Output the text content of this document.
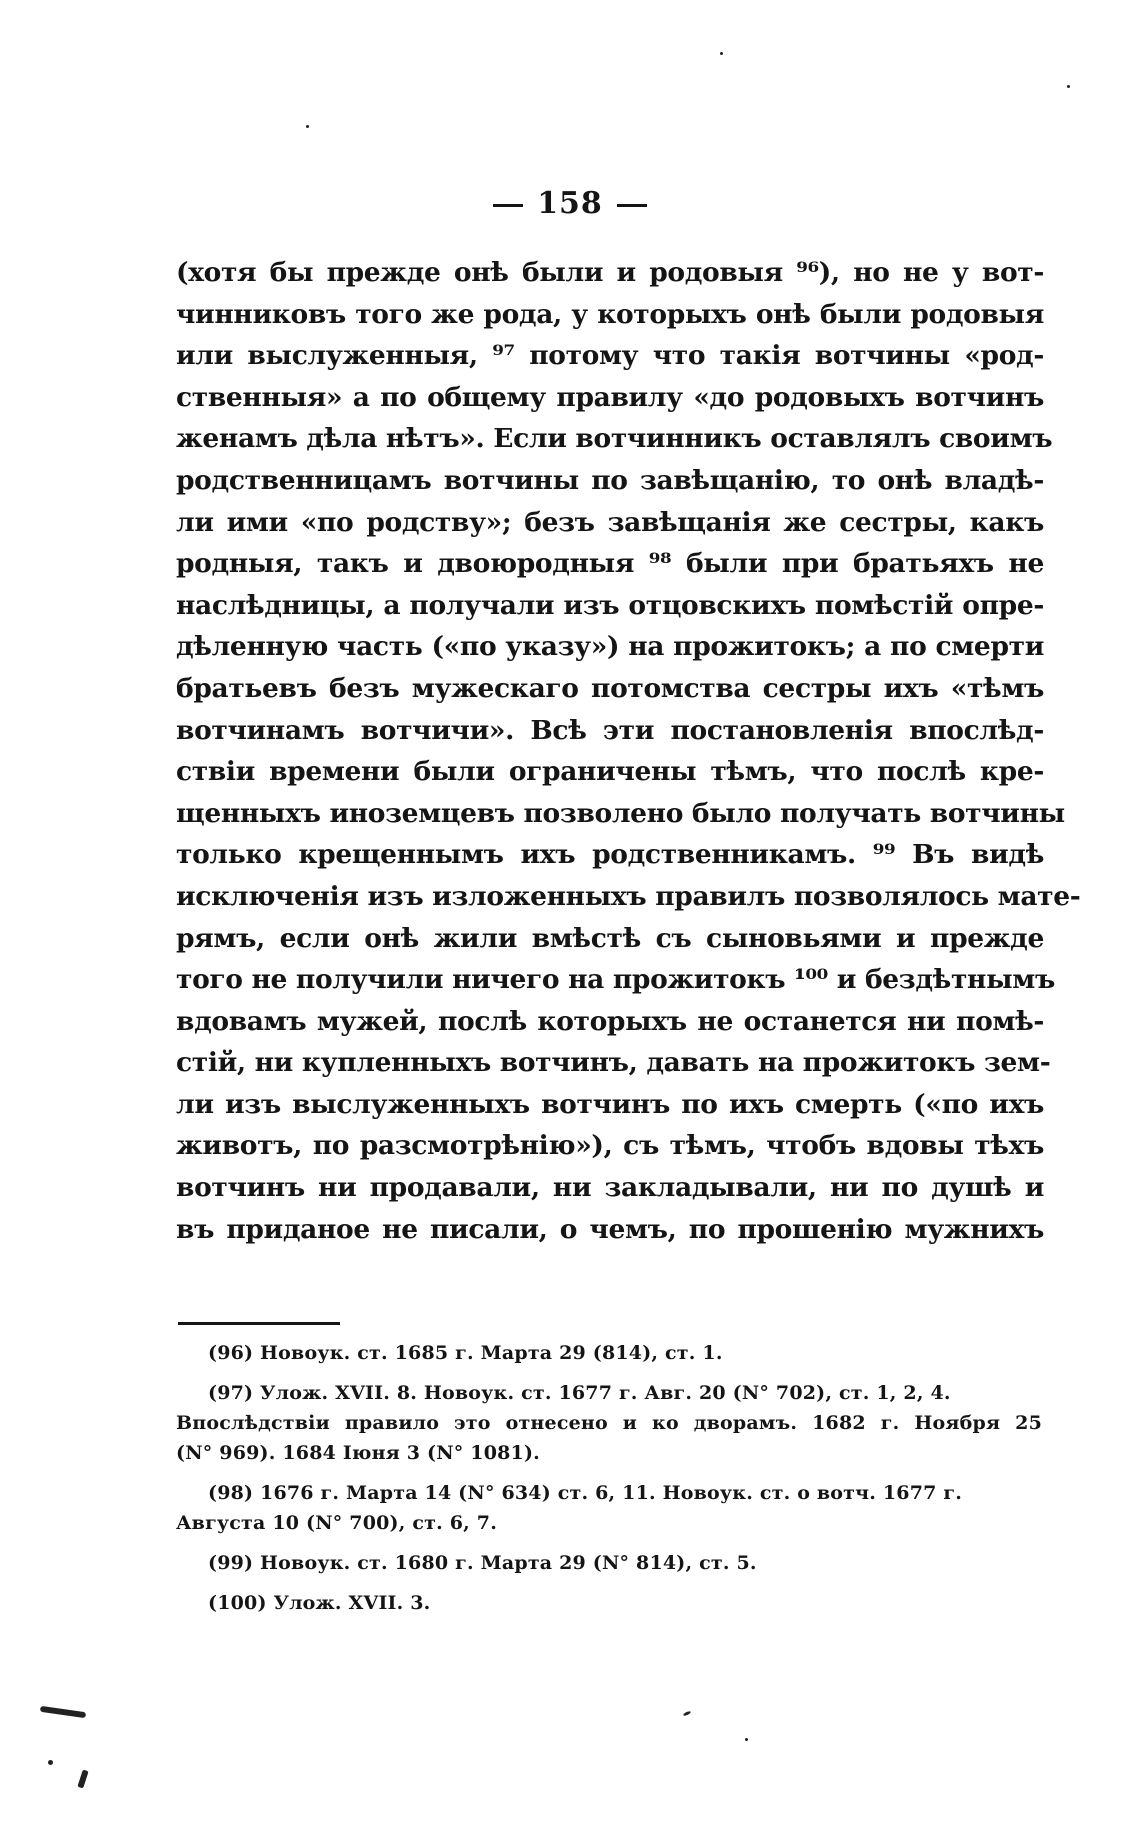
158
(хотя бы прежде онѣ были и родовыя ⁹⁶), но не у вот-
чинниковъ того же рода, у которыхъ онѣ были родовыя
или выслуженныя, ⁹⁷ потому что такія вотчины «род-
ственныя» а по общему правилу «до родовыхъ вотчинъ
женамъ дѣла нѣтъ». Если вотчинникъ оставлялъ своимъ
родственницамъ вотчины по завѣщанію, то онѣ владѣ-
ли ими «по родству»; безъ завѣщанія же сестры, какъ
родныя, такъ и двоюродныя ⁹⁸ были при братьяхъ не
наслѣдницы, а получали изъ отцовскихъ помѣстій опре-
дѣленную часть («по указу») на прожитокъ; а по смерти
братьевъ безъ мужескаго потомства сестры ихъ «тѣмъ
вотчинамъ вотчичи». Всѣ эти постановленія впослѣд-
ствіи времени были ограничены тѣмъ, что послѣ кре-
щенныхъ иноземцевъ позволено было получать вотчины
только крещеннымъ ихъ родственникамъ. ⁹⁹ Въ видѣ
исключенія изъ изложенныхъ правилъ позволялось мате-
рямъ, если онѣ жили вмѣстѣ съ сыновьями и прежде
того не получили ничего на прожитокъ ¹⁰⁰ и бездѣтнымъ
вдовамъ мужей, послѣ которыхъ не останется ни помѣ-
стій, ни купленныхъ вотчинъ, давать на прожитокъ зем-
ли изъ выслуженныхъ вотчинъ по ихъ смерть («по ихъ
животъ, по разсмотрѣнію»), съ тѣмъ, чтобъ вдовы тѣхъ
вотчинъ ни продавали, ни закладывали, ни по душѣ и
въ приданое не писали, о чемъ, по прошенію мужнихъ
(96) Новоук. ст. 1685 г. Марта 29 (814), ст. 1.
(97) Улож. XVII. 8. Новоук. ст. 1677 г. Авг. 20 (N° 702), ст. 1, 2, 4.
Впослѣдствіи правило это отнесено и ко дворамъ. 1682 г. Ноября 25
(N° 969). 1684 Іюня 3 (N° 1081).
(98) 1676 г. Марта 14 (N° 634) ст. 6, 11. Новоук. ст. о вотч. 1677 г.
Августа 10 (N° 700), ст. 6, 7.
(99) Новоук. ст. 1680 г. Марта 29 (N° 814), ст. 5.
(100) Улож. XVII. 3.
